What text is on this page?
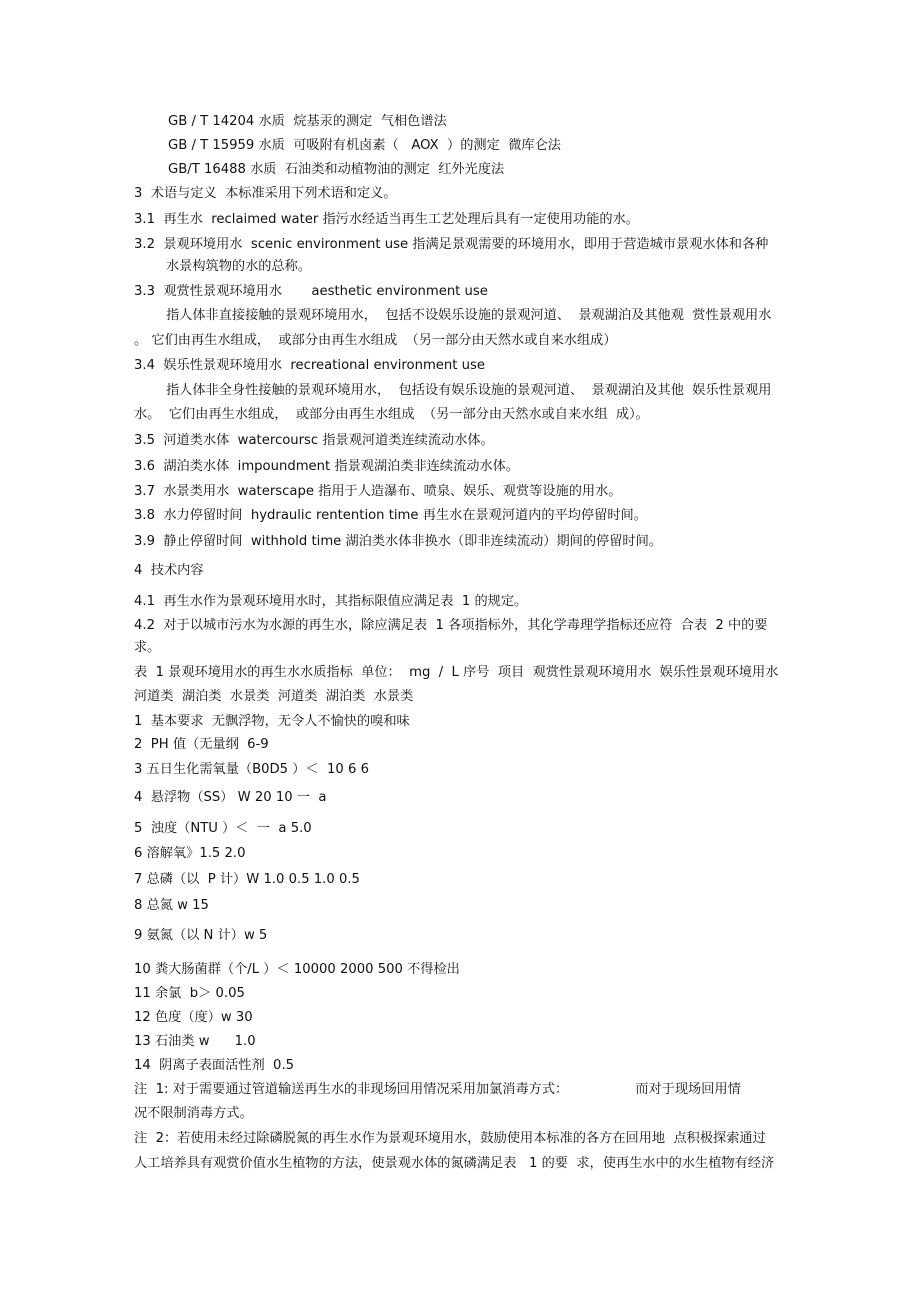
GB / T 14204 水质  烷基汞的测定  气相色谱法
GB / T 15959 水质  可吸附有机卤素（   AOX  ）的测定  微库仑法
GB/T 16488 水质  石油类和动植物油的测定  红外光度法
3  术语与定义  本标准采用下列术语和定义。
3.1  再生水  reclaimed water 指污水经适当再生工艺处理后具有一定使用功能的水。
3.2  景观环境用水  scenic environment use 指满足景观需要的环境用水，即用于营造城市景观水体和各种
水景构筑物的水的总称。
3.3  观赏性景观环境用水       aesthetic environment use
指人体非直接接触的景观环境用水，  包括不设娱乐设施的景观河道、  景观湖泊及其他观  赏性景观用水
。 它们由再生水组成，  或部分由再生水组成  （另一部分由天然水或自来水组成）
3.4  娱乐性景观环境用水  recreational environment use
指人体非全身性接触的景观环境用水，  包括设有娱乐设施的景观河道、  景观湖泊及其他  娱乐性景观用
水。  它们由再生水组成，  或部分由再生水组成  （另一部分由天然水或自来水组  成）。
3.5  河道类水体  watercoursc 指景观河道类连续流动水体。
3.6  湖泊类水体  impoundment 指景观湖泊类非连续流动水体。
3.7  水景类用水  waterscape 指用于人造瀑布、喷泉、娱乐、观赏等设施的用水。
3.8  水力停留时间  hydraulic rentention time 再生水在景观河道内的平均停留时间。
3.9  静止停留时间  withhold time 湖泊类水体非换水（即非连续流动）期间的停留时间。
4  技术内容
4.1  再生水作为景观环境用水时，其指标限值应满足表  1 的规定。
4.2  对于以城市污水为水源的再生水，除应满足表  1 各项指标外，其化学毒理学指标还应符  合表  2 中的要
求。
表  1 景观环境用水的再生水水质指标  单位：  mg  /  L 序号  项目  观赏性景观环境用水  娱乐性景观环境用水
河道类  湖泊类  水景类  河道类  湖泊类  水景类
1  基本要求  无飘浮物，无令人不愉快的嗅和味
2  PH 值（无量纲  6-9
3 五日生化需氧量（B0D5 ）＜  10 6 6
4  悬浮物（SS） W 20 10 一  a
5  浊度（NTU ）＜  一  a 5.0
6 溶解氧》1.5 2.0
7 总磷（以  P 计）W 1.0 0.5 1.0 0.5
8 总氮 w 15
9 氨氮（以 N 计）w 5
10 粪大肠菌群（个/L ）＜ 10000 2000 500 不得检出
11 余氯  b＞ 0.05
12 色度（度）w 30
13 石油类 w      1.0
14  阴离子表面活性剂  0.5
注  1: 对于需要通过管道输送再生水的非现场回用情况采用加氯消毒方式：                而对于现场回用情
况不限制消毒方式。
注  2：若使用未经过除磷脱氮的再生水作为景观环境用水，鼓励使用本标准的各方在回用地  点积极探索通过
人工培养具有观赏价值水生植物的方法，使景观水体的氮磷满足表   1 的要  求，使再生水中的水生植物有经济
